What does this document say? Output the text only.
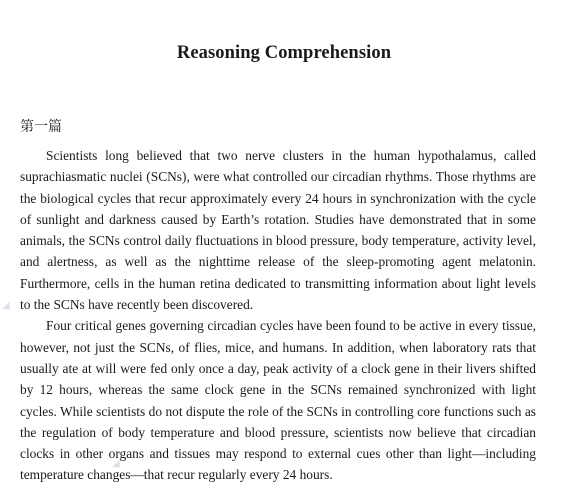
◢
◢
Reasoning Comprehension
第一篇

Scientists long believed that two nerve clusters in the human hypothalamus, called suprachiasmatic nuclei (SCNs), were what controlled our circadian rhythms. Those rhythms are the biological cycles that recur approximately every 24 hours in synchronization with the cycle of sunlight and darkness caused by Earth’s rotation. Studies have demonstrated that in some animals, the SCNs control daily fluctuations in blood pressure, body temperature, activity level, and alertness, as well as the nighttime release of the sleep-promoting agent melatonin. Furthermore, cells in the human retina dedicated to transmitting information about light levels to the SCNs have recently been discovered.

Four critical genes governing circadian cycles have been found to be active in every tissue, however, not just the SCNs, of flies, mice, and humans. In addition, when laboratory rats that usually ate at will were fed only once a day, peak activity of a clock gene in their livers shifted by 12 hours, whereas the same clock gene in the SCNs remained synchronized with light cycles. While scientists do not dispute the role of the SCNs in controlling core functions such as the regulation of body temperature and blood pressure, scientists now believe that circadian clocks in other organs and tissues may respond to external cues other than light—including temperature changes—that recur regularly every 24 hours.
